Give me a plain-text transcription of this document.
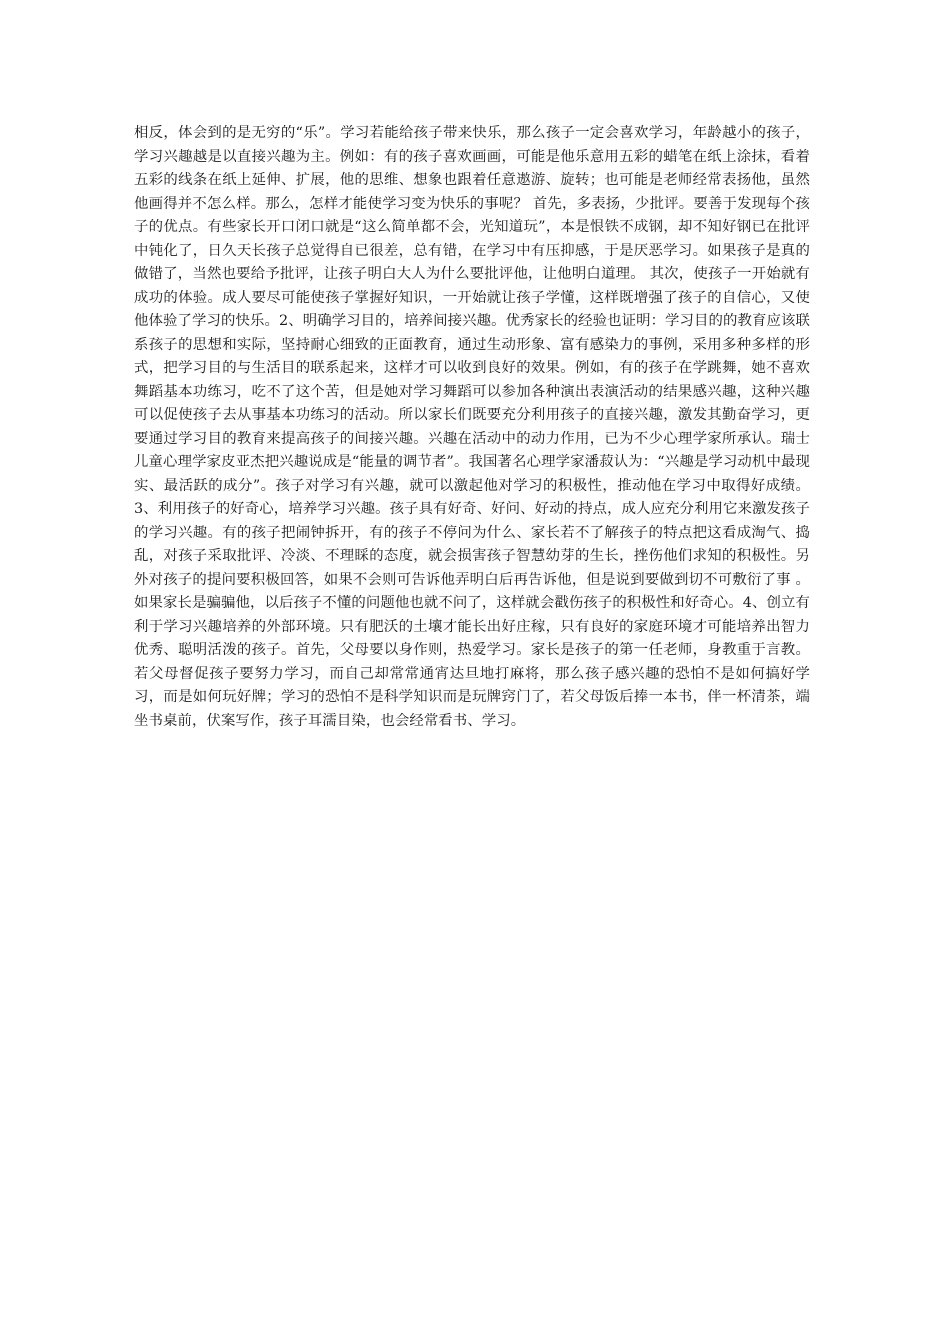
相反，体会到的是无穷的“乐”。学习若能给孩子带来快乐，那么孩子一定会喜欢学习，年龄越小的孩子，学习兴趣越是以直接兴趣为主。例如：有的孩子喜欢画画，可能是他乐意用五彩的蜡笔在纸上涂抹，看着五彩的线条在纸上延伸、扩展，他的思维、想象也跟着任意遨游、旋转；也可能是老师经常表扬他，虽然他画得并不怎么样。那么，怎样才能使学习变为快乐的事呢？ 首先，多表扬，少批评。要善于发现每个孩子的优点。有些家长开口闭口就是“这么简单都不会，光知道玩”，本是恨铁不成钢，却不知好钢已在批评中钝化了，日久天长孩子总觉得自已很差，总有错，在学习中有压抑感，于是厌恶学习。如果孩子是真的做错了，当然也要给予批评，让孩子明白大人为什么要批评他，让他明白道理。 其次，使孩子一开始就有成功的体验。成人要尽可能使孩子掌握好知识，一开始就让孩子学懂，这样既增强了孩子的自信心，又使他体验了学习的快乐。2、明确学习目的，培养间接兴趣。优秀家长的经验也证明：学习目的的教育应该联系孩子的思想和实际，坚持耐心细致的正面教育，通过生动形象、富有感染力的事例，采用多种多样的形式，把学习目的与生活目的联系起来，这样才可以收到良好的效果。例如，有的孩子在学跳舞，她不喜欢舞蹈基本功练习，吃不了这个苦，但是她对学习舞蹈可以参加各种演出表演活动的结果感兴趣，这种兴趣可以促使孩子去从事基本功练习的活动。所以家长们既要充分利用孩子的直接兴趣，激发其勤奋学习，更要通过学习目的教育来提高孩子的间接兴趣。兴趣在活动中的动力作用，已为不少心理学家所承认。瑞士儿童心理学家皮亚杰把兴趣说成是“能量的调节者”。我国著名心理学家潘菽认为：“兴趣是学习动机中最现实、最活跃的成分”。孩子对学习有兴趣，就可以激起他对学习的积极性，推动他在学习中取得好成绩。3、利用孩子的好奇心，培养学习兴趣。孩子具有好奇、好问、好动的持点，成人应充分利用它来激发孩子的学习兴趣。有的孩子把闹钟拆开，有的孩子不停问为什么、家长若不了解孩子的特点把这看成淘气、捣乱，对孩子采取批评、冷淡、不理睬的态度，就会损害孩子智慧幼芽的生长，挫伤他们求知的积极性。另外对孩子的提问要积极回答，如果不会则可告诉他弄明白后再告诉他，但是说到要做到切不可敷衍了事 。如果家长是骗骗他，以后孩子不懂的问题他也就不问了，这样就会戳伤孩子的积极性和好奇心。4、创立有利于学习兴趣培养的外部环境。只有肥沃的土壤才能长出好庄稼，只有良好的家庭环境才可能培养出智力优秀、聪明活泼的孩子。首先，父母要以身作则，热爱学习。家长是孩子的第一任老师，身教重于言教。若父母督促孩子要努力学习，而自己却常常通宵达旦地打麻将，那么孩子感兴趣的恐怕不是如何搞好学习，而是如何玩好牌；学习的恐怕不是科学知识而是玩牌窍门了，若父母饭后捧一本书，伴一杯清茶，端坐书桌前，伏案写作，孩子耳濡目染，也会经常看书、学习。
